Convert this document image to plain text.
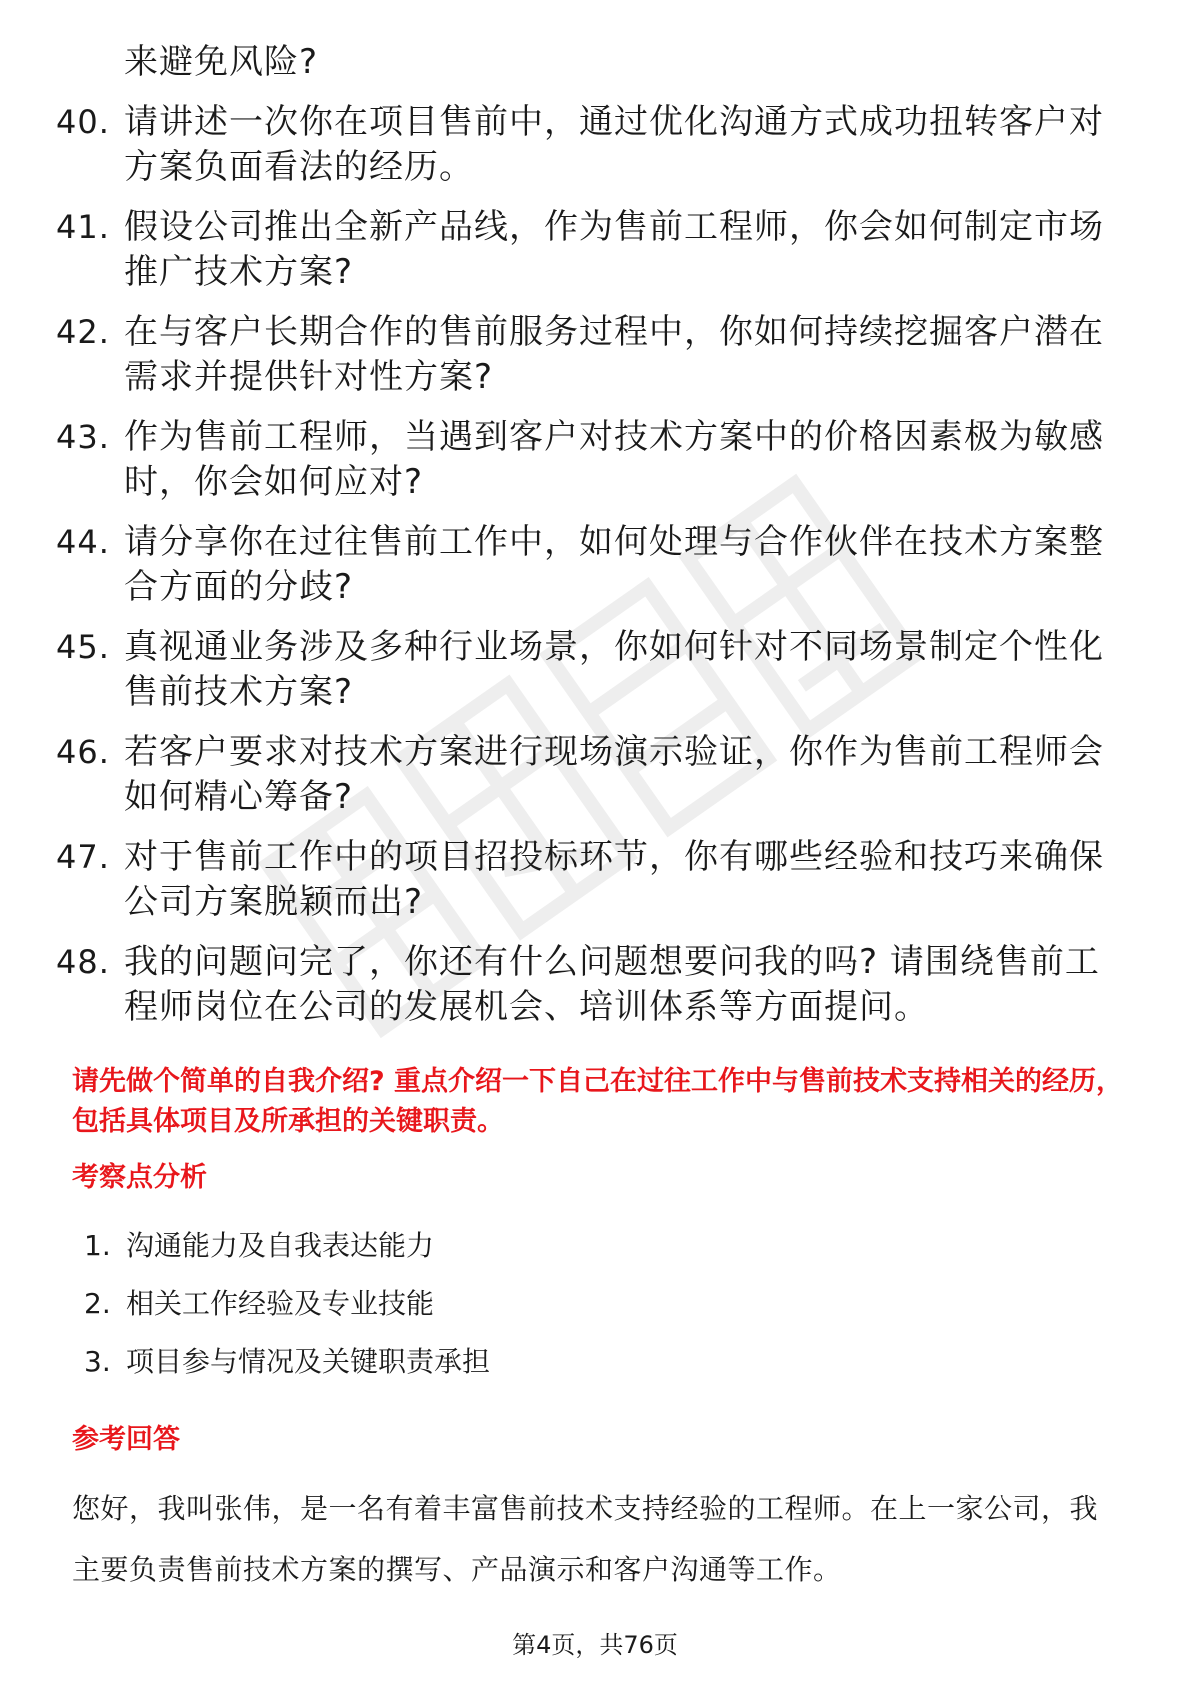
来避免风险?
40. 请讲述一次你在项目售前中，通过优化沟通方式成功扭转客户对方案负面看法的经历。
41. 假设公司推出全新产品线，作为售前工程师，你会如何制定市场推广技术方案?
42. 在与客户长期合作的售前服务过程中，你如何持续挖掘客户潜在需求并提供针对性方案?
43. 作为售前工程师，当遇到客户对技术方案中的价格因素极为敏感时，你会如何应对?
44. 请分享你在过往售前工作中，如何处理与合作伙伴在技术方案整合方面的分歧?
45. 真视通业务涉及多种行业场景，你如何针对不同场景制定个性化售前技术方案?
46. 若客户要求对技术方案进行现场演示验证，你作为售前工程师会如何精心筹备?
47. 对于售前工作中的项目招投标环节，你有哪些经验和技巧来确保公司方案脱颖而出?
48. 我的问题问完了，你还有什么问题想要问我的吗? 请围绕售前工程师岗位在公司的发展机会、培训体系等方面提问。
请先做个简单的自我介绍? 重点介绍一下自己在过往工作中与售前技术支持相关的经历，包括具体项目及所承担的关键职责。
考察点分析
1. 沟通能力及自我表达能力
2. 相关工作经验及专业技能
3. 项目参与情况及关键职责承担
参考回答
您好，我叫张伟，是一名有着丰富售前技术支持经验的工程师。在上一家公司，我主要负责售前技术方案的撰写、产品演示和客户沟通等工作。
第4页，共76页
